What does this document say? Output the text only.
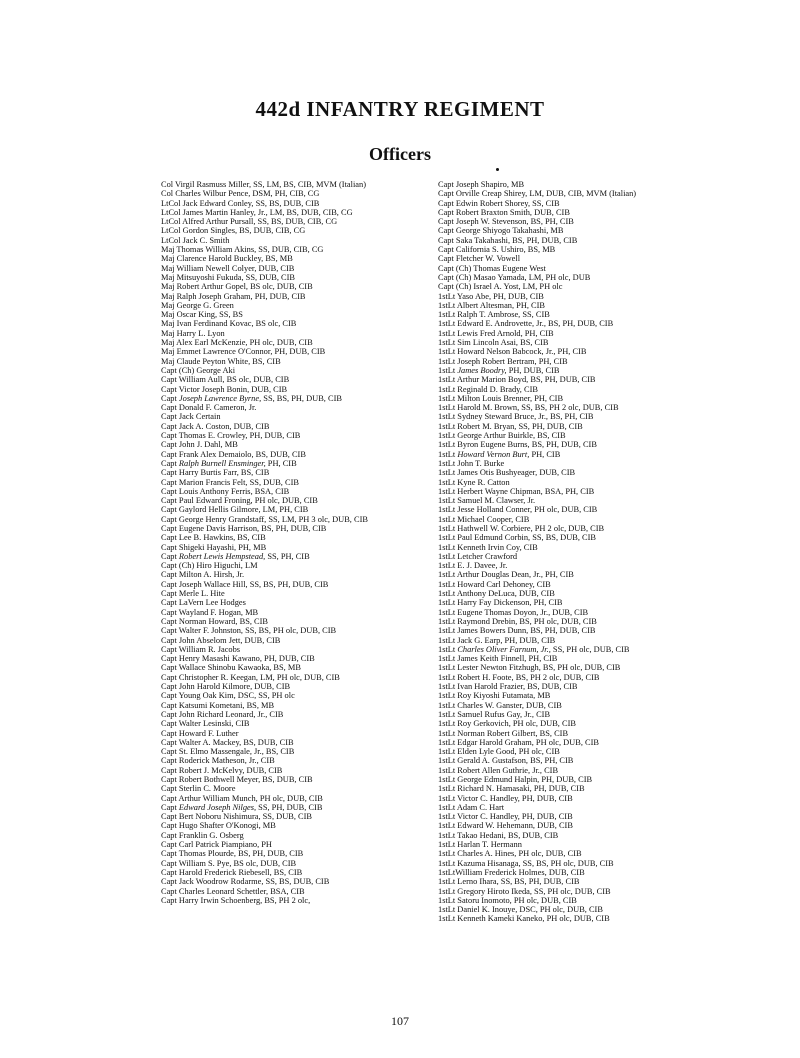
442d INFANTRY REGIMENT
Officers
Col Virgil Rasmuss Miller, SS, LM, BS, CIB, MVM (Italian)
Col Charles Wilbur Pence, DSM, PH, CIB, CG
LtCol Jack Edward Conley, SS, BS, DUB, CIB
LtCol James Martin Hanley, Jr., LM, BS, DUB, CIB, CG
LtCol Alfred Arthur Pursall, SS, BS, DUB, CIB, CG
LtCol Gordon Singles, BS, DUB, CIB, CG
LtCol Jack C. Smith
Maj Thomas William Akins, SS, DUB, CIB, CG
Maj Clarence Harold Buckley, BS, MB
Maj William Newell Colyer, DUB, CIB
Maj Mitsuyoshi Fukuda, SS, DUB, CIB
Maj Robert Arthur Gopel, BS olc, DUB, CIB
Maj Ralph Joseph Graham, PH, DUB, CIB
Maj George G. Green
Maj Oscar King, SS, BS
Maj Ivan Ferdinand Kovac, BS olc, CIB
Maj Harry L. Lyon
Maj Alex Earl McKenzie, PH olc, DUB, CIB
Maj Emmet Lawrence O'Connor, PH, DUB, CIB
Maj Claude Peyton White, BS, CIB
Capt (Ch) George Aki
Capt William Aull, BS olc, DUB, CIB
Capt Victor Joseph Bonin, DUB, CIB
Capt Joseph Lawrence Byrne, SS, BS, PH, DUB, CIB
Capt Donald F. Cameron, Jr.
Capt Jack Certain
Capt Jack A. Coston, DUB, CIB
Capt Thomas E. Crowley, PH, DUB, CIB
Capt John J. Dahl, MB
Capt Frank Alex Demaiolo, BS, DUB, CIB
Capt Ralph Burnell Ensminger, PH, CIB
Capt Harry Burtis Farr, BS, CIB
Capt Marion Francis Felt, SS, DUB, CIB
Capt Louis Anthony Ferris, BSA, CIB
Capt Paul Edward Froning, PH olc, DUB, CIB
Capt Gaylord Hellis Gilmore, LM, PH, CIB
Capt George Henry Grandstaff, SS, LM, PH 3 olc, DUB, CIB
Capt Eugene Davis Harrison, BS, PH, DUB, CIB
Capt Lee B. Hawkins, BS, CIB
Capt Shigeki Hayashi, PH, MB
Capt Robert Lewis Hempstead, SS, PH, CIB
Capt (Ch) Hiro Higuchi, LM
Capt Milton A. Hirsh, Jr.
Capt Joseph Wallace Hill, SS, BS, PH, DUB, CIB
Capt Merle L. Hite
Capt LaVern Lee Hodges
Capt Wayland F. Hogan, MB
Capt Norman Howard, BS, CIB
Capt Walter F. Johnston, SS, BS, PH olc, DUB, CIB
Capt John Abselom Jett, DUB, CIB
Capt William R. Jacobs
Capt Henry Masashi Kawano, PH, DUB, CIB
Capt Wallace Shinobu Kawaoka, BS, MB
Capt Christopher R. Keegan, LM, PH olc, DUB, CIB
Capt John Harold Kilmore, DUB, CIB
Capt Young Oak Kim, DSC, SS, PH olc
Capt Katsumi Kometani, BS, MB
Capt John Richard Leonard, Jr., CIB
Capt Walter Lesinski, CIB
Capt Howard F. Luther
Capt Walter A. Mackey, BS, DUB, CIB
Capt St. Elmo Massengale, Jr., BS, CIB
Capt Roderick Matheson, Jr., CIB
Capt Robert J. McKelvy, DUB, CIB
Capt Robert Bothwell Meyer, BS, DUB, CIB
Capt Sterlin C. Moore
Capt Arthur William Munch, PH olc, DUB, CIB
Capt Edward Joseph Nilges, SS, PH, DUB, CIB
Capt Bert Noboru Nishimura, SS, DUB, CIB
Capt Hugo Shafter O'Konogi, MB
Capt Franklin G. Osberg
Capt Carl Patrick Piampiano, PH
Capt Thomas Plourde, BS, PH, DUB, CIB
Capt William S. Pye, BS olc, DUB, CIB
Capt Harold Frederick Riebesell, BS, CIB
Capt Jack Woodrow Rodarme, SS, BS, DUB, CIB
Capt Charles Leonard Schettler, BSA, CIB
Capt Harry Irwin Schoenberg, BS, PH 2 olc,
Capt Joseph Shapiro, MB
Capt Orville Creap Shirey, LM, DUB, CIB, MVM (Italian)
Capt Edwin Robert Shorey, SS, CIB
Capt Robert Braxton Smith, DUB, CIB
Capt Joseph W. Stevenson, BS, PH, CIB
Capt George Shiyogo Takahashi, MB
Capt Saka Takahashi, BS, PH, DUB, CIB
Capt California S. Ushiro, BS, MB
Capt Fletcher W. Vowell
Capt (Ch) Thomas Eugene West
Capt (Ch) Masao Yamada, LM, PH olc, DUB
Capt (Ch) Israel A. Yost, LM, PH olc
1stLt Yaso Abe, PH, DUB, CIB
1stLt Albert Altesman, PH, CIB
1stLt Ralph T. Ambrose, SS, CIB
1stLt Edward E. Androvette, Jr., BS, PH, DUB, CIB
1stLt Lewis Fred Arnold, PH, CIB
1stLt Sim Lincoln Asai, BS, CIB
1stLt Howard Nelson Babcock, Jr., PH, CIB
1stLt Joseph Robert Bertram, PH, CIB
1stLt James Boodry, PH, DUB, CIB
1stLt Arthur Marion Boyd, BS, PH, DUB, CIB
1stLt Reginald D. Brady, CIB
1stLt Milton Louis Brenner, PH, CIB
1stLt Harold M. Brown, SS, BS, PH 2 olc, DUB, CIB
1stLt Sydney Steward Bruce, Jr., BS, PH, CIB
1stLt Robert M. Bryan, SS, PH, DUB, CIB
1stLt George Arthur Buirkle, BS, CIB
1stLt Byron Eugene Burns, BS, PH, DUB, CIB
1stLt Howard Vernon Burt, PH, CIB
1stLt John T. Burke
1stLt James Otis Bushyeager, DUB, CIB
1stLt Kyne R. Catton
1stLt Herbert Wayne Chipman, BSA, PH, CIB
1stLt Samuel M. Clawser, Jr.
1stLt Jesse Holland Conner, PH olc, DUB, CIB
1stLt Michael Cooper, CIB
1stLt Hathwell W. Corbiere, PH 2 olc, DUB, CIB
1stLt Paul Edmund Corbin, SS, BS, DUB, CIB
1stLt Kenneth Irvin Coy, CIB
1stLt Letcher Crawford
1stLt E. J. Davee, Jr.
1stLt Arthur Douglas Dean, Jr., PH, CIB
1stLt Howard Carl Dehoney, CIB
1stLt Anthony DeLuca, DUB, CIB
1stLt Harry Fay Dickenson, PH, CIB
1stLt Eugene Thomas Doyon, Jr., DUB, CIB
1stLt Raymond Drebin, BS, PH olc, DUB, CIB
1stLt James Bowers Dunn, BS, PH, DUB, CIB
1stLt Jack G. Earp, PH, DUB, CIB
1stLt Charles Oliver Farnum, Jr., SS, PH olc, DUB, CIB
1stLt James Keith Finnell, PH, CIB
1stLt Lester Newton Fitzhugh, BS, PH olc, DUB, CIB
1stLt Robert H. Foote, BS, PH 2 olc, DUB, CIB
1stLt Ivan Harold Frazier, BS, DUB, CIB
1stLt Roy Kiyoshi Futamata, MB
1stLt Charles W. Ganster, DUB, CIB
1stLt Samuel Rufus Gay, Jr., CIB
1stLt Roy Gerkovich, PH olc, DUB, CIB
1stLt Norman Robert Gilbert, BS, CIB
1stLt Edgar Harold Graham, PH olc, DUB, CIB
1stLt Elden Lyle Good, PH olc, CIB
1stLt Gerald A. Gustafson, BS, PH, CIB
1stLt Robert Allen Guthrie, Jr., CIB
1stLt George Edmund Halpin, PH, DUB, CIB
1stLt Richard N. Hamasaki, PH, DUB, CIB
1stLt Victor C. Handley, PH, DUB, CIB
1stLt Adam C. Hart
1stLt Victor C. Handley, PH, DUB, CIB
1stLt Edward W. Hehemann, DUB, CIB
1stLt Takao Hedani, BS, DUB, CIB
1stLt Harlan T. Hermann
1stLt Charles A. Hines, PH olc, DUB, CIB
1stLt Kazuma Hisanaga, SS, BS, PH olc, DUB, CIB
1stLtWilliam Frederick Holmes, DUB, CIB
1stLt Lerno Ihara, SS, BS, PH, DUB, CIB
1stLt Gregory Hiroto Ikeda, SS, PH olc, DUB, CIB
1stLt Satoru Inomoto, PH olc, DUB, CIB
1stLt Daniel K. Inouye, DSC, PH olc, DUB, CIB
1stLt Kenneth Kameki Kaneko, PH olc, DUB, CIB
107
